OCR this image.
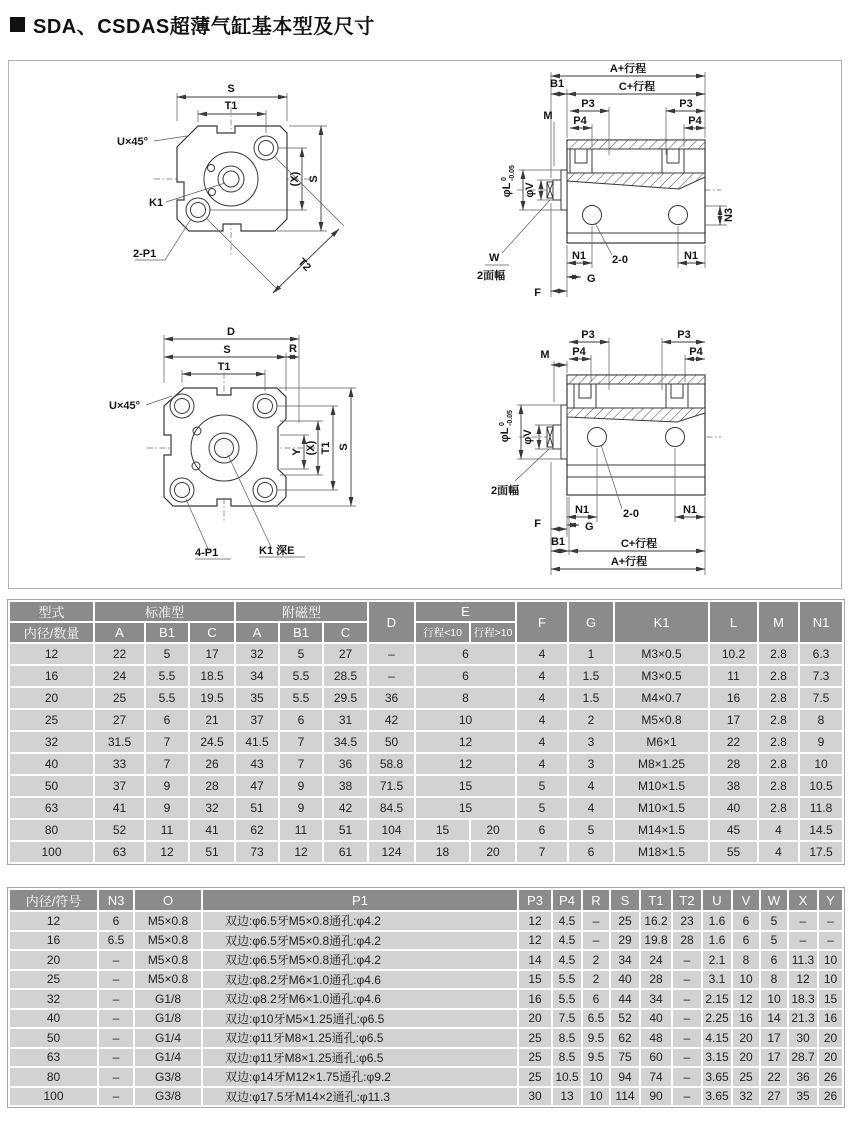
SDA、CSDAS超薄气缸基本型及尺寸
S
T1
(X) S
T2
U×45°
K1
2-P1
A+行程
B1	C+行程
P3	P3
P4	P4
M
φL
0 -0.05
φV
N3
W
2面幅
N1 2-0	N1
G
F
D
S	R
T1
Y (X) T1 S
U×45°
4-P1	K1 深E
P3	P3
P4	P4
M
φL
0 -0.05
φV
2面幅
N1	2-0	N1
F	G
B1	C+行程
A+行程
型式	标准型			附磁型			D	E		F	G	K1	L	M	N1
内径/数量	A	B1	C	A	B1	C		行程<10	行程>10						
12	22	5	17	32	5	27	–	6		4	1	M3×0.5	10.2	2.8	6.3
16	24	5.5	18.5	34	5.5	28.5	–	6		4	1.5	M3×0.5	11	2.8	7.3
20	25	5.5	19.5	35	5.5	29.5	36	8		4	1.5	M4×0.7	16	2.8	7.5
25	27	6	21	37	6	31	42	10		4	2	M5×0.8	17	2.8	8
32	31.5	7	24.5	41.5	7	34.5	50	12		4	3	M6×1	22	2.8	9
40	33	7	26	43	7	36	58.8	12		4	3	M8×1.25	28	2.8	10
50	37	9	28	47	9	38	71.5	15		5	4	M10×1.5	38	2.8	10.5
63	41	9	32	51	9	42	84.5	15		5	4	M10×1.5	40	2.8	11.8
80	52	11	41	62	11	51	104	15	20	6	5	M14×1.5	45	4	14.5
100	63	12	51	73	12	61	124	18	20	7	6	M18×1.5	55	4	17.5
内径/符号	N3	O	P1	P3	P4	R	S	T1	T2	U	V	W	X	Y
12	6	M5×0.8	双边:φ6.5牙M5×0.8通孔:φ4.2	12	4.5	–	25	16.2	23	1.6	6	5	–	–
16	6.5	M5×0.8	双边:φ6.5牙M5×0.8通孔:φ4.2	12	4.5	–	29	19.8	28	1.6	6	5	–	–
20	–	M5×0.8	双边:φ6.5牙M5×0.8通孔:φ4.2	14	4.5	2	34	24	–	2.1	8	6	11.3	10
25	–	M5×0.8	双边:φ8.2牙M6×1.0通孔:φ4.6	15	5.5	2	40	28	–	3.1	10	8	12	10
32	–	G1/8	双边:φ8.2牙M6×1.0通孔:φ4.6	16	5.5	6	44	34	–	2.15	12	10	18.3	15
40	–	G1/8	双边:φ10牙M5×1.25通孔:φ6.5	20	7.5	6.5	52	40	–	2.25	16	14	21.3	16
50	–	G1/4	双边:φ11牙M8×1.25通孔:φ6.5	25	8.5	9.5	62	48	–	4.15	20	17	30	20
63	–	G1/4	双边:φ11牙M8×1.25通孔:φ6.5	25	8.5	9.5	75	60	–	3.15	20	17	28.7	20
80	–	G3/8	双边:φ14牙M12×1.75通孔:φ9.2	25	10.5	10	94	74	–	3.65	25	22	36	26
100	–	G3/8	双边:φ17.5牙M14×2通孔:φ11.3	30	13	10	114	90	–	3.65	32	27	35	26
